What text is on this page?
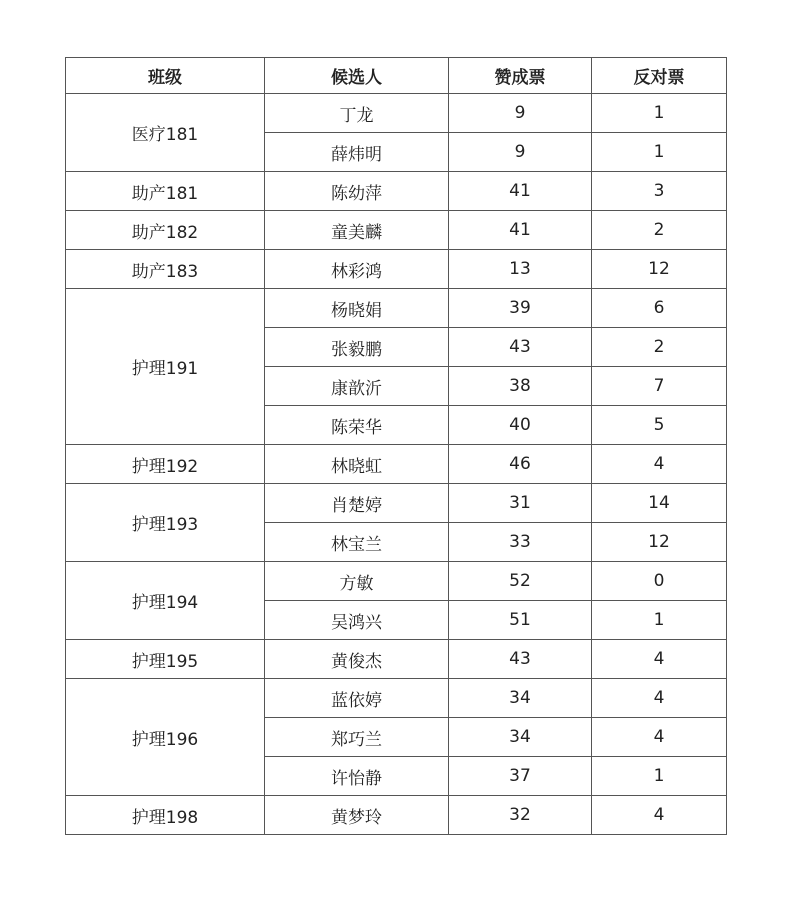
班级	候选人	赞成票	反对票
医疗181	丁龙	9	1
	薛炜明	9	1
助产181	陈幼萍	41	3
助产182	童美麟	41	2
助产183	林彩鸿	13	12
护理191	杨晓娟	39	6
	张毅鹏	43	2
	康歆沂	38	7
	陈荣华	40	5
护理192	林晓虹	46	4
护理193	肖楚婷	31	14
	林宝兰	33	12
护理194	方敏	52	0
	吴鸿兴	51	1
护理195	黄俊杰	43	4
护理196	蓝依婷	34	4
	郑巧兰	34	4
	许怡静	37	1
护理198	黄梦玲	32	4
